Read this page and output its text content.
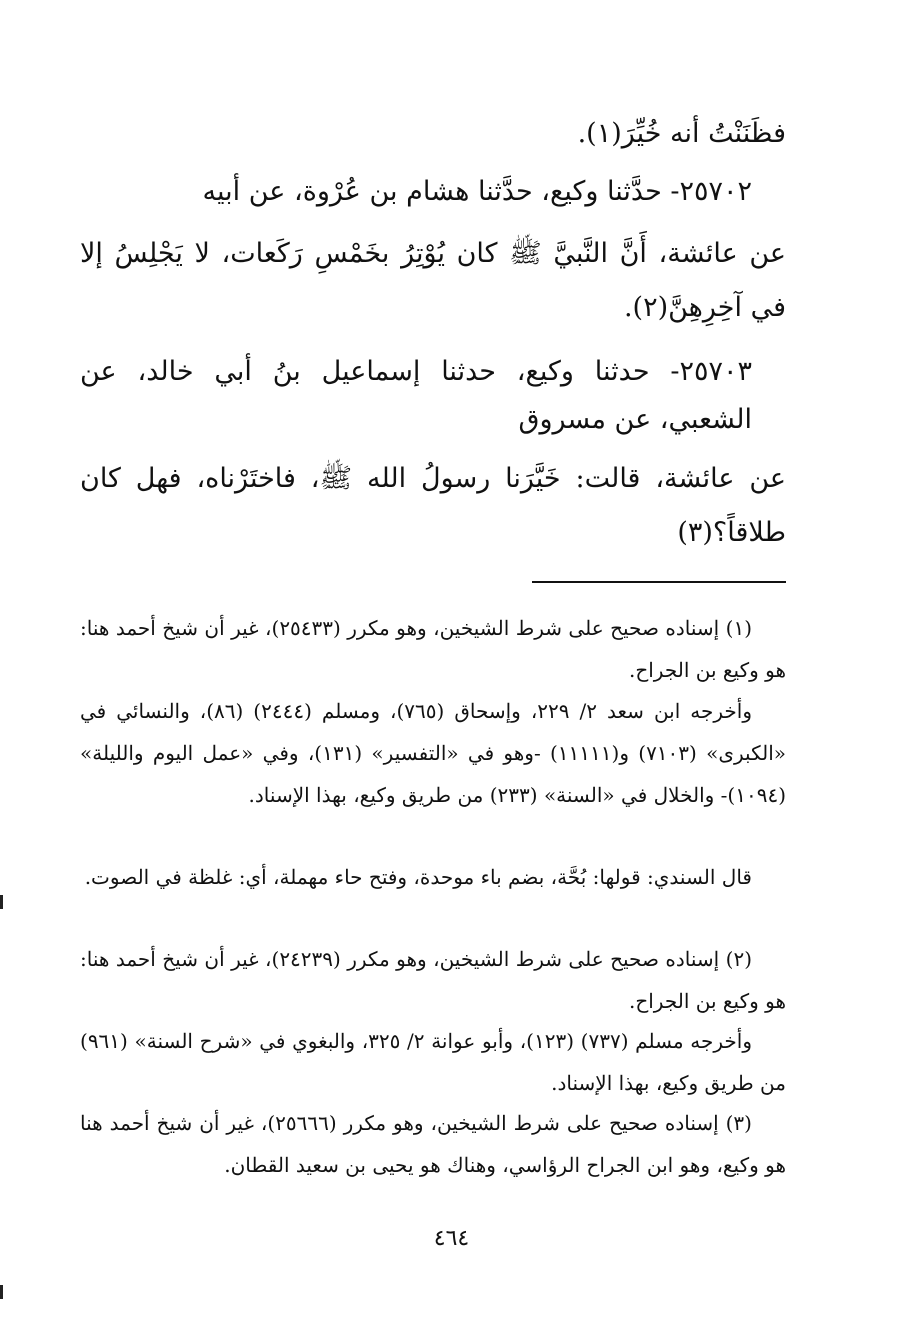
فظَنَنْتُ أنه خُيِّرَ(١).
٢٥٧٠٢- حدَّثنا وكيع، حدَّثنا هشام بن عُرْوة، عن أبيه
عن عائشة، أَنَّ النَّبيَّ ﷺ كان يُوْتِرُ بخَمْسِ رَكَعات، لا يَجْلِسُ إلا في آخِرِهِنَّ(٢).
٢٥٧٠٣- حدثنا وكيع، حدثنا إسماعيل بنُ أبي خالد، عن الشعبي، عن مسروق
عن عائشة، قالت: خَيَّرَنا رسولُ الله ﷺ، فاختَرْناه، فهل كان طلاقاً؟(٣)
(١) إسناده صحيح على شرط الشيخين، وهو مكرر (٢٥٤٣٣)، غير أن شيخ أحمد هنا: هو وكيع بن الجراح.
وأخرجه ابن سعد ٢/ ٢٢٩، وإسحاق (٧٦٥)، ومسلم (٢٤٤٤) (٨٦)، والنسائي في «الكبرى» (٧١٠٣) و(١١١١١) -وهو في «التفسير» (١٣١)، وفي «عمل اليوم والليلة» (١٠٩٤)- والخلال في «السنة» (٢٣٣) من طريق وكيع، بهذا الإسناد.
قال السندي: قولها: بُحَّة، بضم باء موحدة، وفتح حاء مهملة، أي: غلظة في الصوت.
(٢) إسناده صحيح على شرط الشيخين، وهو مكرر (٢٤٢٣٩)، غير أن شيخ أحمد هنا: هو وكيع بن الجراح.
وأخرجه مسلم (٧٣٧) (١٢٣)، وأبو عوانة ٢/ ٣٢٥، والبغوي في «شرح السنة» (٩٦١) من طريق وكيع، بهذا الإسناد.
(٣) إسناده صحيح على شرط الشيخين، وهو مكرر (٢٥٦٦٦)، غير أن شيخ أحمد هنا هو وكيع، وهو ابن الجراح الرؤاسي، وهناك هو يحيى بن سعيد القطان.
٤٦٤
